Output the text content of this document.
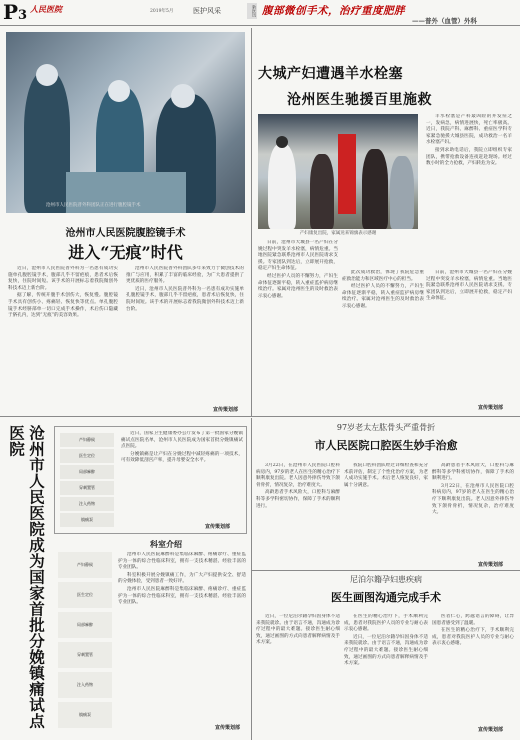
P3 人民医院	2019年5月	医护风采	新医讯 腹部微创手术，治疗重度肥胖
——普外（血管）外科
沧州市人民医院普外科团队正在进行腹腔镜手术
沧州市人民医院腹腔镜手术
进入“无痕”时代

近日，沧州市人民医院普外科为一名患有成功实施单孔腹腔镜手术，腹部几乎不留疤痕，患者术后恢复快，住院时间短。该手术的开展标志着我院微创外科技术迈上新台阶。

据了解，传统开腹手术创伤大，恢复慢。腹腔镜手术具有创伤小、疼痛轻、恢复快等优点。单孔腹腔镜手术经脐部单一切口完成手术操作，术后伤口隐藏于脐孔内，达到“无痕”的美容效果。

沧州市人民医院普外科团队多年来致力于微创技术的推广与应用，积累了丰富的临床经验，为广大患者提供了更优质的医疗服务。

近日，沧州市人民医院普外科为一名患有成功实施单孔腹腔镜手术，腹部几乎不留疤痕，患者术后恢复快，住院时间短。该手术的开展标志着我院微创外科技术迈上新台阶。

宣传策划部
大城产妇遭遇羊水栓塞
沧州医生驰援百里施救

羊水栓塞是产科最凶险的并发症之一，发病急，病情进展快，死亡率极高。近日，我院产科、麻醉科、重症医学科专家紧急驰援大城县医院，成功救治一名羊水栓塞产妇。

接到求助电话后，我院立即组织专家团队，携带抢救设备连夜赶赴现场。经过数小时的全力抢救，产妇转危为安。

产妇康复出院，家属送来锦旗表示感谢

日前，沧州市大城县一名产妇在分娩过程中突发羊水栓塞，病情危重。当地医院紧急联系沧州市人民医院请求支援。专家团队到达后，立即展开抢救，稳定产妇生命体征。

经过医护人员的不懈努力，产妇生命体征逐渐平稳，转入重症监护病房继续治疗。家属对沧州医生的及时救治表示衷心感谢。

此次成功救治，体现了我院危急重症救治能力和区域医疗中心的担当。

经过医护人员的不懈努力，产妇生命体征逐渐平稳，转入重症监护病房继续治疗。家属对沧州医生的及时救治表示衷心感谢。

日前，沧州市大城县一名产妇在分娩过程中突发羊水栓塞，病情危重。当地医院紧急联系沧州市人民医院请求支援。专家团队到达后，立即展开抢救，稳定产妇生命体征。

宣传策划部
沧州市人民医院成为国家首批分娩镇痛试点医院	产妇静候
医生定位
局部麻醉
穿刺置管
注入药物
镇痛泵

近日，国家卫生健康委办公厅发布了第一批国家分娩镇痛试点医院名单，沧州市人民医院成为国家首批分娩镇痛试点医院。

分娩镇痛是让产妇在分娩过程中减轻疼痛的一项技术，可有效降低剖宫产率，提升母婴安全水平。

宣传策划部
科室介绍
产妇静候
医生定位
局部麻醉
穿刺置管
注入药物
镇痛泵

沧州市人民医院麻醉科是集临床麻醉、疼痛诊疗、重症监护为一体的综合性临床科室，拥有一支技术精湛、经验丰富的专业团队。

科室积极开展分娩镇痛工作，为广大产妇提供安全、舒适的分娩体验，受到患者一致好评。

沧州市人民医院麻醉科是集临床麻醉、疼痛诊疗、重症监护为一体的综合性临床科室，拥有一支技术精湛、经验丰富的专业团队。

宣传策划部
97岁老太左肱骨头严重骨折
市人民医院口腔医生妙手治愈

3月22日，在沧州市人民医院口腔科病房内，97岁的老人在医生的精心治疗下顺利康复出院。老人因意外摔伤导致下颌骨骨折，情况复杂，治疗难度大。

高龄患者手术风险大，口腔科与麻醉科等多学科密切协作，保障了手术的顺利进行。

我院口腔科团队经过详细检查和充分术前评估，制定了个性化治疗方案，为老人成功实施手术。术后老人恢复良好，家属十分满意。

高龄患者手术风险大，口腔科与麻醉科等多学科密切协作，保障了手术的顺利进行。

3月22日，在沧州市人民医院口腔科病房内，97岁的老人在医生的精心治疗下顺利康复出院。老人因意外摔伤导致下颌骨骨折，情况复杂，治疗难度大。

宣传策划部
尼泊尔籍孕妇患疾病
医生画图沟通完成手术

近日，一位尼泊尔籍孕妇因身体不适来我院就诊。由于语言不通，沟通成为诊疗过程中的最大难题。接诊医生耐心细致，通过画图的方式向患者解释病情及手术方案。

在医生的精心治疗下，手术顺利完成，患者对我院医护人员的专业与耐心表示衷心感谢。

近日，一位尼泊尔籍孕妇因身体不适来我院就诊。由于语言不通，沟通成为诊疗过程中的最大难题。接诊医生耐心细致，通过画图的方式向患者解释病情及手术方案。

医者仁心，跨越语言的障碍，让异国患者感受到了温暖。

在医生的精心治疗下，手术顺利完成，患者对我院医护人员的专业与耐心表示衷心感谢。

宣传策划部
